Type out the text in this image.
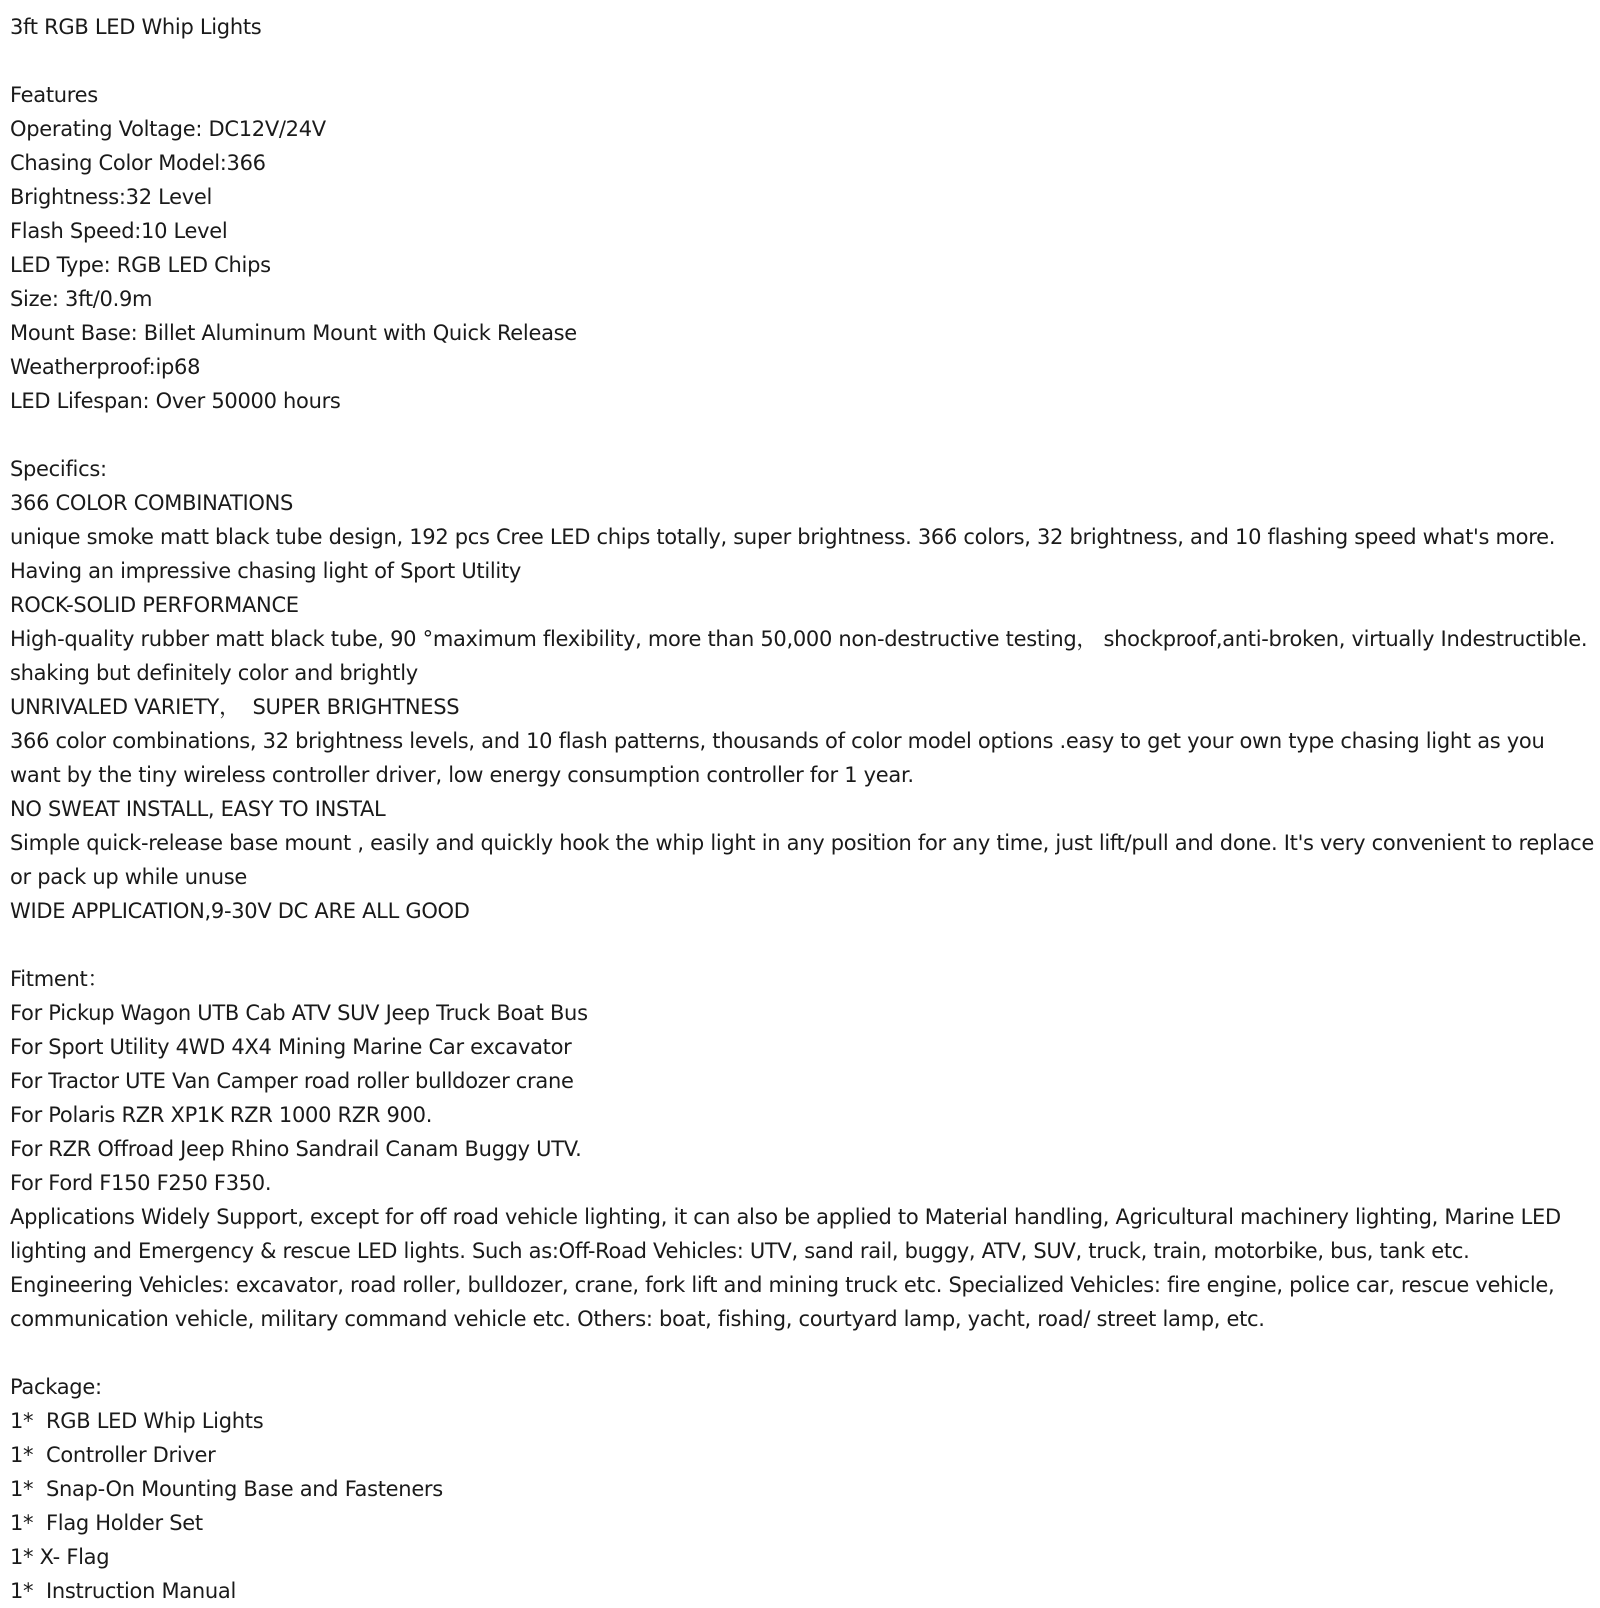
3ft RGB LED Whip Lights

Features

Operating Voltage: DC12V/24V

Chasing Color Model:366

Brightness:32 Level

Flash Speed:10 Level

LED Type: RGB LED Chips

Size: 3ft/0.9m

Mount Base: Billet Aluminum Mount with Quick Release

Weatherproof:ip68

LED Lifespan: Over 50000 hours

Specifics:

366 COLOR COMBINATIONS

unique smoke matt black tube design, 192 pcs Cree LED chips totally, super brightness. 366 colors, 32 brightness, and 10 flashing speed what's more. Having an impressive chasing light of Sport Utility

ROCK-SOLID PERFORMANCE

High-quality rubber matt black tube, 90 °maximum flexibility, more than 50,000 non-destructive testing， shockproof,anti-broken, virtually Indestructible. shaking but definitely color and brightly

UNRIVALED VARIETY，  SUPER BRIGHTNESS

366 color combinations, 32 brightness levels, and 10 flash patterns, thousands of color model options .easy to get your own type chasing light as you want by the tiny wireless controller driver, low energy consumption controller for 1 year.

NO SWEAT INSTALL, EASY TO INSTAL

Simple quick-release base mount , easily and quickly hook the whip light in any position for any time, just lift/pull and done. It's very convenient to replace or pack up while unuse

WIDE APPLICATION,9-30V DC ARE ALL GOOD

Fitment：

For Pickup Wagon UTB Cab ATV SUV Jeep Truck Boat Bus

For Sport Utility 4WD 4X4 Mining Marine Car excavator

For Tractor UTE Van Camper road roller bulldozer crane

For Polaris RZR XP1K RZR 1000 RZR 900.

For RZR Offroad Jeep Rhino Sandrail Canam Buggy UTV.

For Ford F150 F250 F350.

Applications Widely Support, except for off road vehicle lighting, it can also be applied to Material handling, Agricultural machinery lighting, Marine LED lighting and Emergency & rescue LED lights. Such as:Off-Road Vehicles: UTV, sand rail, buggy, ATV, SUV, truck, train, motorbike, bus, tank etc. Engineering Vehicles: excavator, road roller, bulldozer, crane, fork lift and mining truck etc. Specialized Vehicles: fire engine, police car, rescue vehicle, communication vehicle, military command vehicle etc. Others: boat, fishing, courtyard lamp, yacht, road/ street lamp, etc.

Package:

1*  RGB LED Whip Lights

1*  Controller Driver

1*  Snap-On Mounting Base and Fasteners

1*  Flag Holder Set

1* X- Flag

1*  Instruction Manual
